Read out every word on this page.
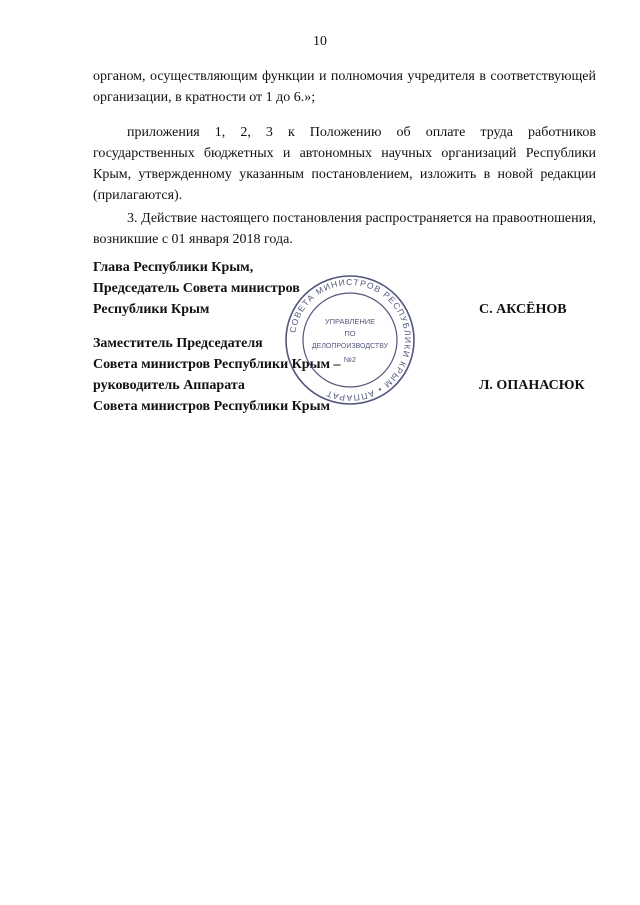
10

органом, осуществляющим функции и полномочия учредителя в соответствующей организации, в кратности от 1 до 6.»;

приложения 1, 2, 3 к Положению об оплате труда работников государственных бюджетных и автономных научных организаций Республики Крым, утвержденному указанным постановлением, изложить в новой редакции (прилагаются).

3. Действие настоящего постановления распространяется на правоотношения, возникшие с 01 января 2018 года.

Глава Республики Крым,
Председатель Совета министров
Республики Крым	С. АКСЁНОВ
Заместитель Председателя
Совета министров Республики Крым –
руководитель Аппарата
Совета министров Республики Крым
Л. ОПАНАСЮК
СОВЕТА МИНИСТРОВ РЕСПУБЛИКИ КРЫМ • АППАРАТ
УПРАВЛЕНИЕ
ПО
ДЕЛОПРОИЗВОДСТВУ
№2
